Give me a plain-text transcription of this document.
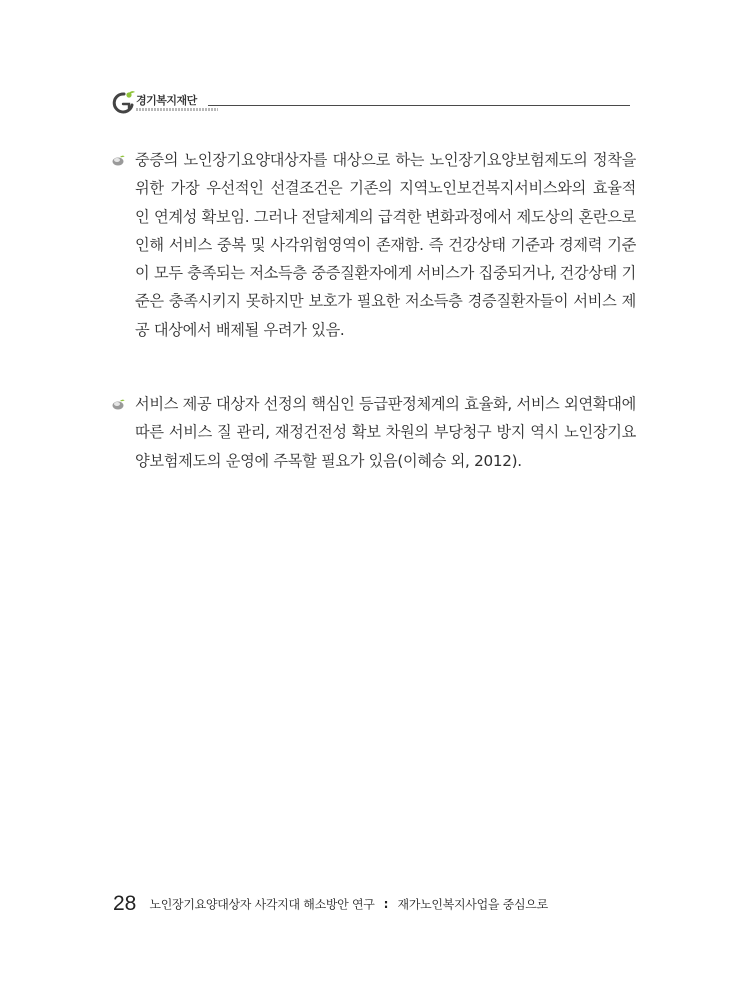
경기복지재단
중증의 노인장기요양대상자를 대상으로 하는 노인장기요양보험제도의 정착을 위한 가장 우선적인 선결조건은 기존의 지역노인보건복지서비스와의 효율적인 연계성 확보임. 그러나 전달체계의 급격한 변화과정에서 제도상의 혼란으로 인해 서비스 중복 및 사각위험영역이 존재함. 즉 건강상태 기준과 경제력 기준이 모두 충족되는 저소득층 중증질환자에게 서비스가 집중되거나, 건강상태 기준은 충족시키지 못하지만 보호가 필요한 저소득층 경증질환자들이 서비스 제공 대상에서 배제될 우려가 있음.
서비스 제공 대상자 선정의 핵심인 등급판정체계의 효율화, 서비스 외연확대에 따른 서비스 질 관리, 재정건전성 확보 차원의 부당청구 방지 역시 노인장기요양보험제도의 운영에 주목할 필요가 있음(이혜승 외, 2012).
28 노인장기요양대상자 사각지대 해소방안 연구 : 재가노인복지사업을 중심으로
